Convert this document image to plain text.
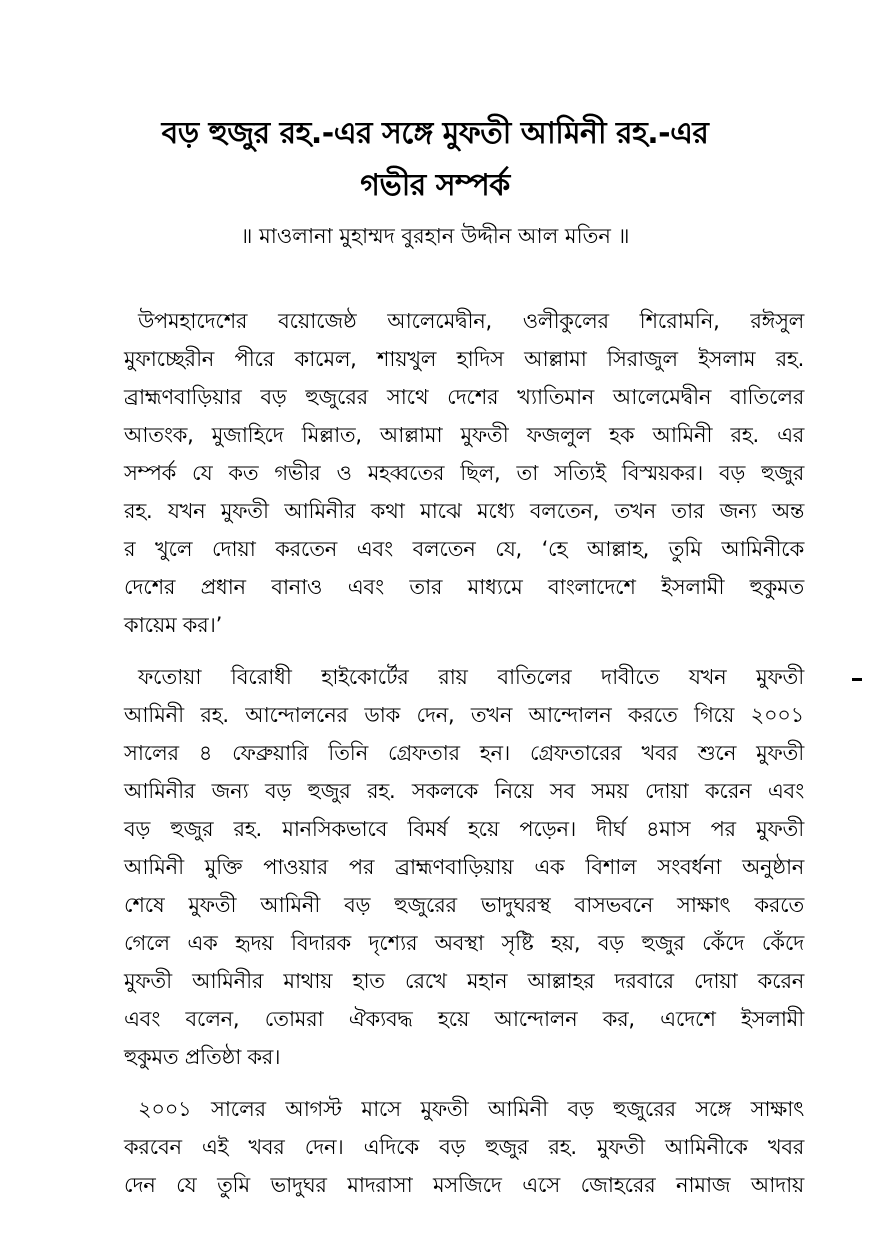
বড় হুজুর রহ.-এর সঙ্গে মুফতী আমিনী রহ.-এর
গভীর সম্পর্ক
॥ মাওলানা মুহাম্মদ বুরহান উদ্দীন আল মতিন ॥
উপমহাদেশের বয়োজেষ্ঠ আলেমেদ্বীন, ওলীকুলের শিরোমনি, রঈসুল
মুফাচ্ছেরীন পীরে কামেল, শায়খুল হাদিস আল্লামা সিরাজুল ইসলাম রহ.
ব্রাহ্মণবাড়িয়ার বড় হুজুরের সাথে দেশের খ্যাতিমান আলেমেদ্বীন বাতিলের
আতংক, মুজাহিদে মিল্লাত, আল্লামা মুফতী ফজলুল হক আমিনী রহ. এর
সম্পর্ক যে কত গভীর ও মহব্বতের ছিল, তা সত্যিই বিস্ময়কর। বড় হুজুর
রহ. যখন মুফতী আমিনীর কথা মাঝে মধ্যে বলতেন, তখন তার জন্য অন্ত
র খুলে দোয়া করতেন এবং বলতেন যে, ‘হে আল্লাহ, তুমি আমিনীকে
দেশের প্রধান বানাও এবং তার মাধ্যমে বাংলাদেশে ইসলামী হুকুমত
কায়েম কর।’
ফতোয়া বিরোধী হাইকোর্টের রায় বাতিলের দাবীতে যখন মুফতী
আমিনী রহ. আন্দোলনের ডাক দেন, তখন আন্দোলন করতে গিয়ে ২০০১
সালের ৪ ফেব্রুয়ারি তিনি গ্রেফতার হন। গ্রেফতারের খবর শুনে মুফতী
আমিনীর জন্য বড় হুজুর রহ. সকলকে নিয়ে সব সময় দোয়া করেন এবং
বড় হুজুর রহ. মানসিকভাবে বিমর্ষ হয়ে পড়েন। দীর্ঘ ৪মাস পর মুফতী
আমিনী মুক্তি পাওয়ার পর ব্রাহ্মণবাড়িয়ায় এক বিশাল সংবর্ধনা অনুষ্ঠান
শেষে মুফতী আমিনী বড় হুজুরের ভাদুঘরস্থ বাসভবনে সাক্ষাৎ করতে
গেলে এক হৃদয় বিদারক দৃশ্যের অবস্থা সৃষ্টি হয়, বড় হুজুর কেঁদে কেঁদে
মুফতী আমিনীর মাথায় হাত রেখে মহান আল্লাহর দরবারে দোয়া করেন
এবং বলেন, তোমরা ঐক্যবদ্ধ হয়ে আন্দোলন কর, এদেশে ইসলামী
হুকুমত প্রতিষ্ঠা কর।
২০০১ সালের আগস্ট মাসে মুফতী আমিনী বড় হুজুরের সঙ্গে সাক্ষাৎ
করবেন এই খবর দেন। এদিকে বড় হুজুর রহ. মুফতী আমিনীকে খবর
দেন যে তুমি ভাদুঘর মাদরাসা মসজিদে এসে জোহরের নামাজ আদায়
